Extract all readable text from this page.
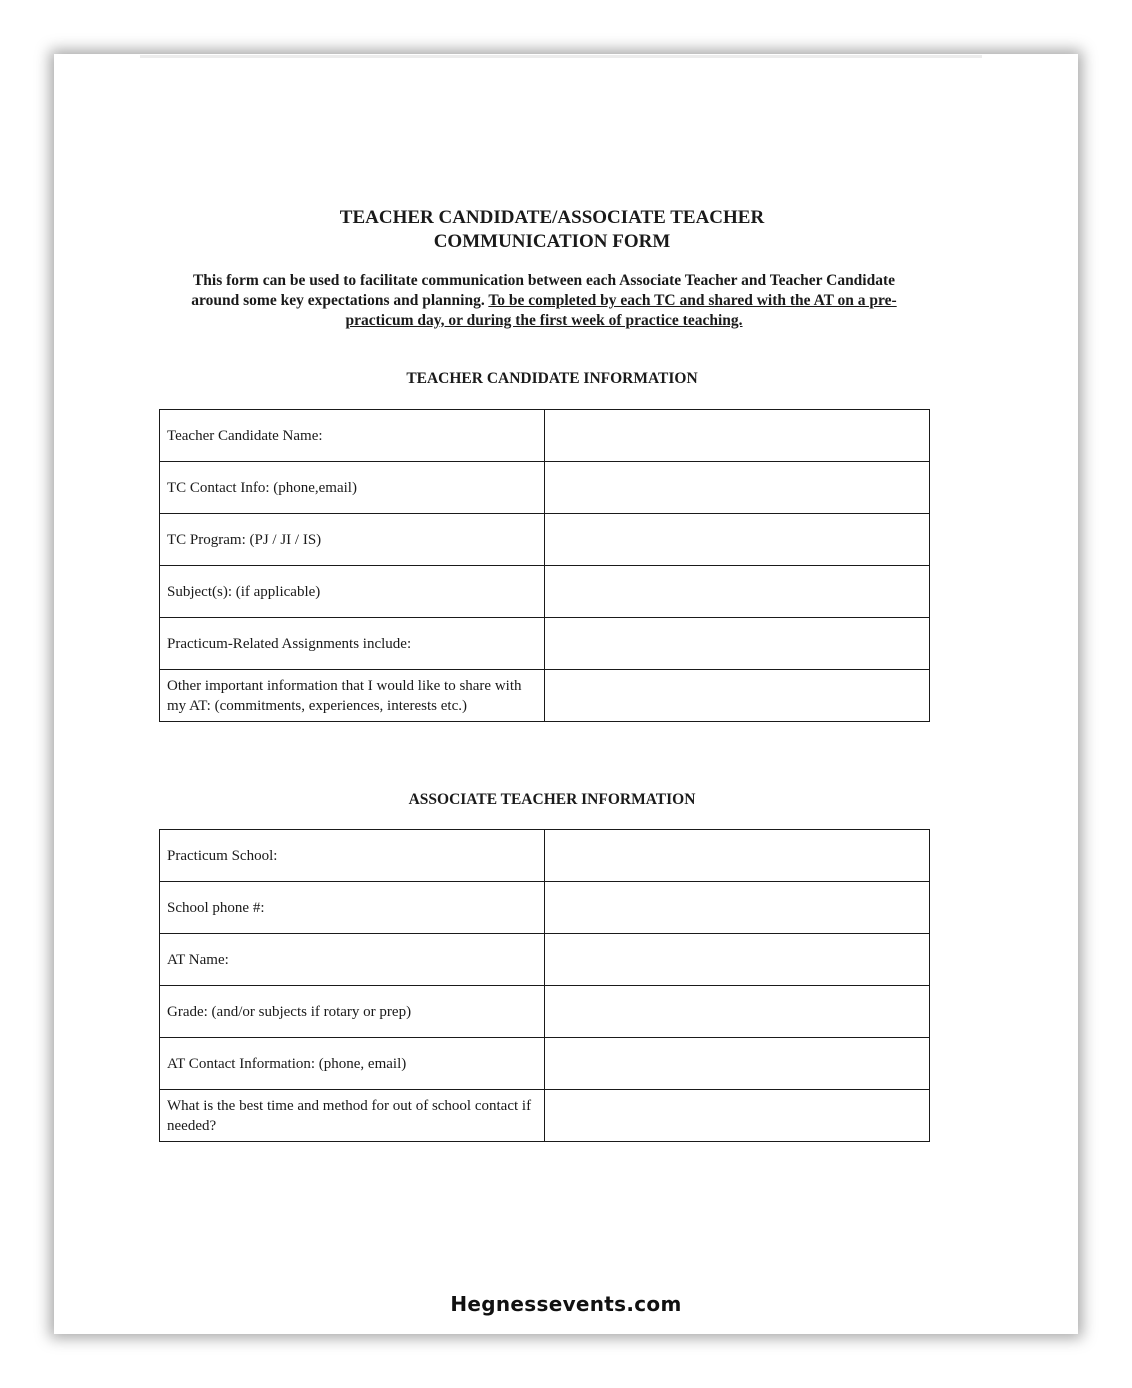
TEACHER CANDIDATE/ASSOCIATE TEACHER
COMMUNICATION FORM
This form can be used to facilitate communication between each Associate Teacher and Teacher Candidate around some key expectations and planning. To be completed by each TC and shared with the AT on a pre-practicum day, or during the first week of practice teaching.
TEACHER CANDIDATE INFORMATION
Teacher Candidate Name:	
TC Contact Info: (phone,email)	
TC Program: (PJ / JI / IS)	
Subject(s): (if applicable)	
Practicum-Related Assignments include:	
Other important information that I would like to share with my AT: (commitments, experiences, interests etc.)	
ASSOCIATE TEACHER INFORMATION
Practicum School:	
School phone #:	
AT Name:	
Grade: (and/or subjects if rotary or prep)	
AT Contact Information: (phone, email)	
What is the best time and method for out of school contact if needed?	
Hegnessevents.com
